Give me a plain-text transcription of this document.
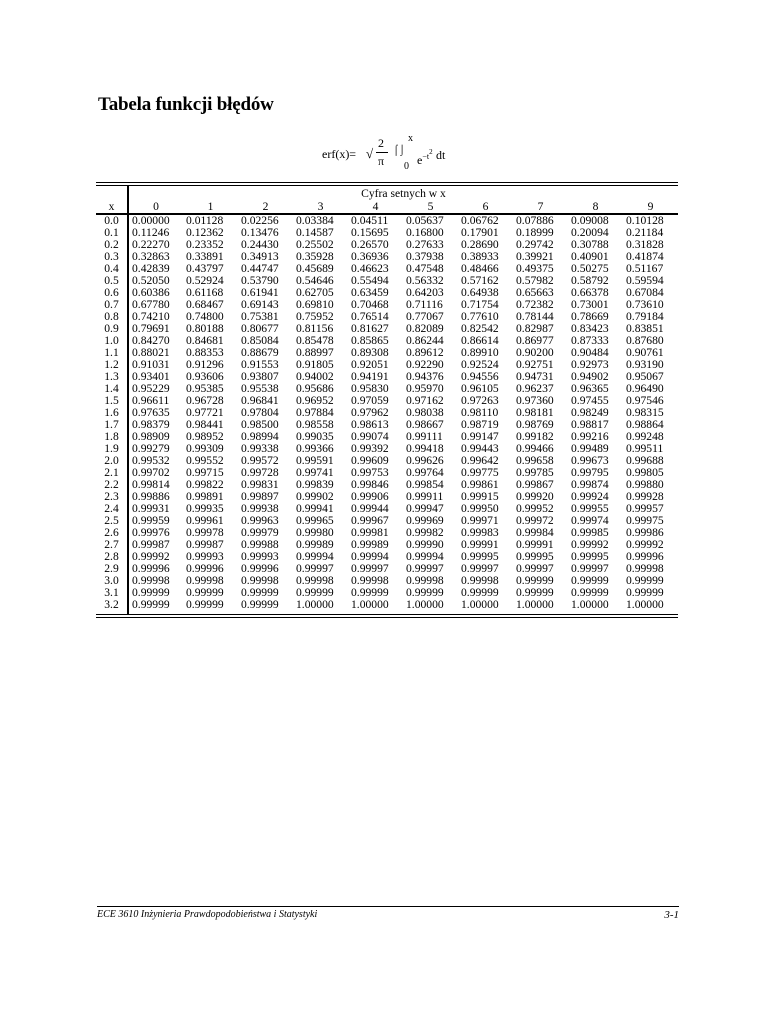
Tabela funkcji błędów
erf(x)= √
2
π
⌠⌡
x
0 $e^{-t2}$ dt
	Cyfra setnych w x									
x	0	1	2	3	4	5	6	7	8	9
0.0	0.00000	0.01128	0.02256	0.03384	0.04511	0.05637	0.06762	0.07886	0.09008	0.10128
0.1	0.11246	0.12362	0.13476	0.14587	0.15695	0.16800	0.17901	0.18999	0.20094	0.21184
0.2	0.22270	0.23352	0.24430	0.25502	0.26570	0.27633	0.28690	0.29742	0.30788	0.31828
0.3	0.32863	0.33891	0.34913	0.35928	0.36936	0.37938	0.38933	0.39921	0.40901	0.41874
0.4	0.42839	0.43797	0.44747	0.45689	0.46623	0.47548	0.48466	0.49375	0.50275	0.51167
0.5	0.52050	0.52924	0.53790	0.54646	0.55494	0.56332	0.57162	0.57982	0.58792	0.59594
0.6	0.60386	0.61168	0.61941	0.62705	0.63459	0.64203	0.64938	0.65663	0.66378	0.67084
0.7	0.67780	0.68467	0.69143	0.69810	0.70468	0.71116	0.71754	0.72382	0.73001	0.73610
0.8	0.74210	0.74800	0.75381	0.75952	0.76514	0.77067	0.77610	0.78144	0.78669	0.79184
0.9	0.79691	0.80188	0.80677	0.81156	0.81627	0.82089	0.82542	0.82987	0.83423	0.83851
1.0	0.84270	0.84681	0.85084	0.85478	0.85865	0.86244	0.86614	0.86977	0.87333	0.87680
1.1	0.88021	0.88353	0.88679	0.88997	0.89308	0.89612	0.89910	0.90200	0.90484	0.90761
1.2	0.91031	0.91296	0.91553	0.91805	0.92051	0.92290	0.92524	0.92751	0.92973	0.93190
1.3	0.93401	0.93606	0.93807	0.94002	0.94191	0.94376	0.94556	0.94731	0.94902	0.95067
1.4	0.95229	0.95385	0.95538	0.95686	0.95830	0.95970	0.96105	0.96237	0.96365	0.96490
1.5	0.96611	0.96728	0.96841	0.96952	0.97059	0.97162	0.97263	0.97360	0.97455	0.97546
1.6	0.97635	0.97721	0.97804	0.97884	0.97962	0.98038	0.98110	0.98181	0.98249	0.98315
1.7	0.98379	0.98441	0.98500	0.98558	0.98613	0.98667	0.98719	0.98769	0.98817	0.98864
1.8	0.98909	0.98952	0.98994	0.99035	0.99074	0.99111	0.99147	0.99182	0.99216	0.99248
1.9	0.99279	0.99309	0.99338	0.99366	0.99392	0.99418	0.99443	0.99466	0.99489	0.99511
2.0	0.99532	0.99552	0.99572	0.99591	0.99609	0.99626	0.99642	0.99658	0.99673	0.99688
2.1	0.99702	0.99715	0.99728	0.99741	0.99753	0.99764	0.99775	0.99785	0.99795	0.99805
2.2	0.99814	0.99822	0.99831	0.99839	0.99846	0.99854	0.99861	0.99867	0.99874	0.99880
2.3	0.99886	0.99891	0.99897	0.99902	0.99906	0.99911	0.99915	0.99920	0.99924	0.99928
2.4	0.99931	0.99935	0.99938	0.99941	0.99944	0.99947	0.99950	0.99952	0.99955	0.99957
2.5	0.99959	0.99961	0.99963	0.99965	0.99967	0.99969	0.99971	0.99972	0.99974	0.99975
2.6	0.99976	0.99978	0.99979	0.99980	0.99981	0.99982	0.99983	0.99984	0.99985	0.99986
2.7	0.99987	0.99987	0.99988	0.99989	0.99989	0.99990	0.99991	0.99991	0.99992	0.99992
2.8	0.99992	0.99993	0.99993	0.99994	0.99994	0.99994	0.99995	0.99995	0.99995	0.99996
2.9	0.99996	0.99996	0.99996	0.99997	0.99997	0.99997	0.99997	0.99997	0.99997	0.99998
3.0	0.99998	0.99998	0.99998	0.99998	0.99998	0.99998	0.99998	0.99999	0.99999	0.99999
3.1	0.99999	0.99999	0.99999	0.99999	0.99999	0.99999	0.99999	0.99999	0.99999	0.99999
3.2	0.99999	0.99999	0.99999	1.00000	1.00000	1.00000	1.00000	1.00000	1.00000	1.00000
ECE 3610 Inżynieria Prawdopodobieństwa i Statystyki	3-1
